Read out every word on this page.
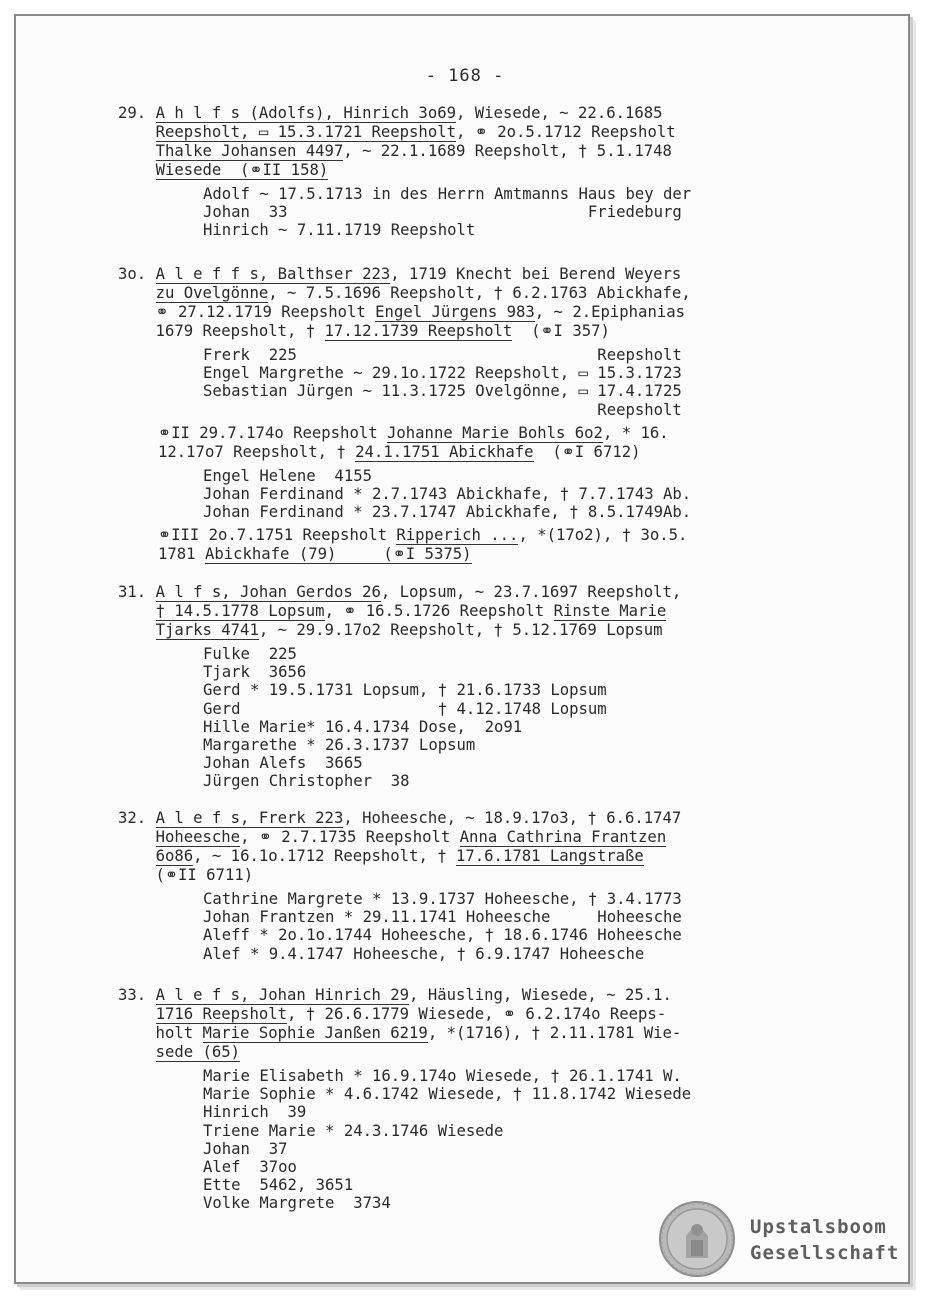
- 168 -
29. A h l f s (Adolfs), Hinrich 3o69, Wiesede, ~ 22.6.1685
Reepsholt, ▭ 15.3.1721 Reepsholt, ⚭ 2o.5.1712 Reepsholt
Thalke Johansen 4497, ~ 22.1.1689 Reepsholt, † 5.1.1748
Wiesede  (⚭II 158)
Adolf ~ 17.5.1713 in des Herrn Amtmanns Haus bey der
Johan  33                                Friedeburg
Hinrich ~ 7.11.1719 Reepsholt
3o. A l e f f s, Balthser 223, 1719 Knecht bei Berend Weyers
zu Ovelgönne, ~ 7.5.1696 Reepsholt, † 6.2.1763 Abickhafe,
⚭ 27.12.1719 Reepsholt Engel Jürgens 983, ~ 2.Epiphanias
1679 Reepsholt, † 17.12.1739 Reepsholt  (⚭I 357)
Frerk  225                                Reepsholt
Engel Margrethe ~ 29.1o.1722 Reepsholt, ▭ 15.3.1723
Sebastian Jürgen ~ 11.3.1725 Ovelgönne, ▭ 17.4.1725
Reepsholt
⚭II 29.7.174o Reepsholt Johanne Marie Bohls 6o2, * 16.
12.17o7 Reepsholt, † 24.1.1751 Abickhafe  (⚭I 6712)
Engel Helene  4155
Johan Ferdinand * 2.7.1743 Abickhafe, † 7.7.1743 Ab.
Johan Ferdinand * 23.7.1747 Abickhafe, † 8.5.1749Ab.
⚭III 2o.7.1751 Reepsholt Ripperich ..., *(17o2), † 3o.5.
1781 Abickhafe (79)     (⚭I 5375)
31. A l f s, Johan Gerdos 26, Lopsum, ~ 23.7.1697 Reepsholt,
† 14.5.1778 Lopsum, ⚭ 16.5.1726 Reepsholt Rinste Marie
Tjarks 4741, ~ 29.9.17o2 Reepsholt, † 5.12.1769 Lopsum
Fulke  225
Tjark  3656
Gerd * 19.5.1731 Lopsum, † 21.6.1733 Lopsum
Gerd                     † 4.12.1748 Lopsum
Hille Marie* 16.4.1734 Dose,  2o91
Margarethe * 26.3.1737 Lopsum
Johan Alefs  3665
Jürgen Christopher  38
32. A l e f s, Frerk 223, Hoheesche, ~ 18.9.17o3, † 6.6.1747
Hoheesche, ⚭ 2.7.1735 Reepsholt Anna Cathrina Frantzen
6o86, ~ 16.1o.1712 Reepsholt, † 17.6.1781 Langstraße
(⚭II 6711)
Cathrine Margrete * 13.9.1737 Hoheesche, † 3.4.1773
Johan Frantzen * 29.11.1741 Hoheesche     Hoheesche
Aleff * 2o.1o.1744 Hoheesche, † 18.6.1746 Hoheesche
Alef * 9.4.1747 Hoheesche, † 6.9.1747 Hoheesche
33. A l e f s, Johan Hinrich 29, Häusling, Wiesede, ~ 25.1.
1716 Reepsholt, † 26.6.1779 Wiesede, ⚭ 6.2.174o Reeps-
holt Marie Sophie Janßen 6219, *(1716), † 2.11.1781 Wie-
sede (65)
Marie Elisabeth * 16.9.174o Wiesede, † 26.1.1741 W.
Marie Sophie * 4.6.1742 Wiesede, † 11.8.1742 Wiesede
Hinrich  39
Triene Marie * 24.3.1746 Wiesede
Johan  37
Alef  37oo
Ette  5462, 3651
Volke Margrete  3734
Upstalsboom
Gesellschaft
